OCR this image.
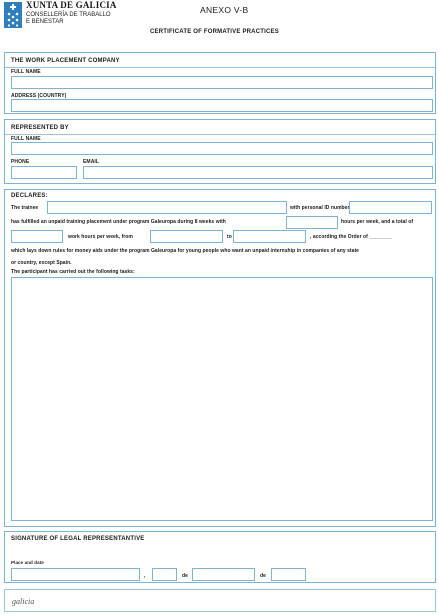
XUNTA DE GALICIA
CONSELLERÍA DE TRABALLO
E BENESTAR
ANEXO V-B
CERTIFICATE OF FORMATIVE PRACTICES
THE WORK PLACEMENT COMPANY
FULL NAME
ADDRESS (COUNTRY)
REPRESENTED BY
FULL NAME
PHONE	EMAIL
DECLARES:
The trainee	with personal ID number
has fulfilled an unpaid training placement under program Galeuropa during 8 weeks with	hours per week, and a total of
work hours per week, from	to	, according the Order of ________
which lays down rules for money aids under the program Galeuropa for young people who want an unpaid internship in companies of any state
or country, except Spain.
The participant has carried out the following tasks:
SIGNATURE OF LEGAL REPRESENTANTIVE
Place and date
,	de	de
galicia
